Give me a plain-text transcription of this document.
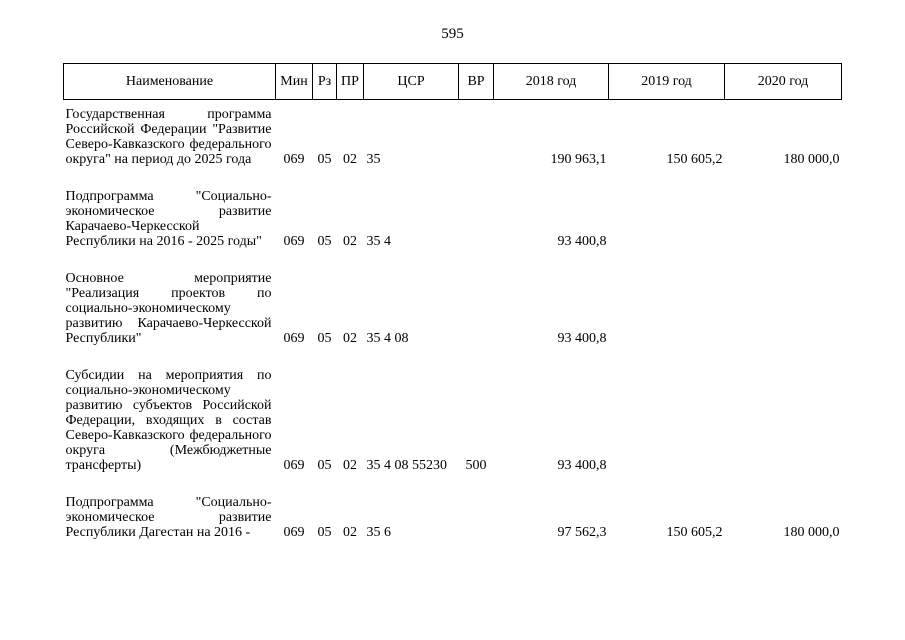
595
Наименование	Мин	Рз	ПР	ЦСР	ВР	2018 год	2019 год	2020 год
Государственная программа Российской Федерации "Развитие Северо-Кавказского федерального округа" на период до 2025 года	069	05	02	35		190 963,1	150 605,2	180 000,0

Подпрограмма "Социально-экономическое развитие Карачаево-Черкесской Республики на 2016 - 2025 годы"	069	05	02	35 4		93 400,8		

Основное мероприятие "Реализация проектов по социально-экономическому развитию Карачаево-Черкесской Республики"	069	05	02	35 4 08		93 400,8		

Субсидии на мероприятия по социально-экономическому развитию субъектов Российской Федерации, входящих в состав Северо-Кавказского федерального округа (Межбюджетные трансферты)	069	05	02	35 4 08 55230	500	93 400,8		

Подпрограмма "Социально-экономическое развитие Республики Дагестан на 2016 -	069	05	02	35 6		97 562,3	150 605,2	180 000,0
